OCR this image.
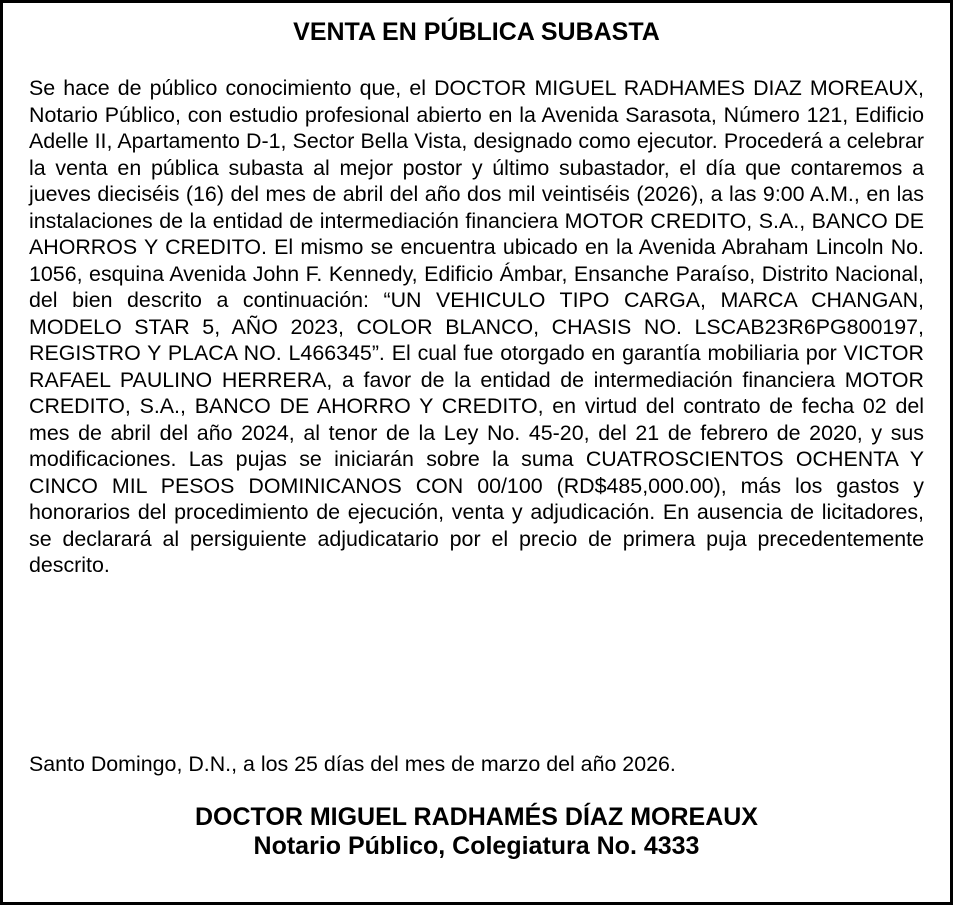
VENTA EN PÚBLICA SUBASTA

Se hace de público conocimiento que, el DOCTOR MIGUEL RADHAMES DIAZ MOREAUX, Notario Público, con estudio profesional abierto en la Avenida Sarasota, Número 121, Edificio Adelle II, Apartamento D-1, Sector Bella Vista, designado como ejecutor. Procederá a celebrar la venta en pública subasta al mejor postor y último subastador, el día que contaremos a jueves dieciséis (16) del mes de abril del año dos mil veintiséis (2026), a las 9:00 A.M., en las instalaciones de la entidad de intermediación financiera MOTOR CREDITO, S.A., BANCO DE AHORROS Y CREDITO. El mismo se encuentra ubicado en la Avenida Abraham Lincoln No. 1056, esquina Avenida John F. Kennedy, Edificio Ámbar, Ensanche Paraíso, Distrito Nacional, del bien descrito a continuación: “UN VEHICULO TIPO CARGA, MARCA CHANGAN, MODELO STAR 5, AÑO 2023, COLOR BLANCO, CHASIS NO. LSCAB23R6PG800197, REGISTRO Y PLACA NO. L466345”. El cual fue otorgado en garantía mobiliaria por VICTOR RAFAEL PAULINO HERRERA, a favor de la entidad de intermediación financiera MOTOR CREDITO, S.A., BANCO DE AHORRO Y CREDITO, en virtud del contrato de fecha 02 del mes de abril del año 2024, al tenor de la Ley No. 45-20, del 21 de febrero de 2020, y sus modificaciones. Las pujas se iniciarán sobre la suma CUATROSCIENTOS OCHENTA Y CINCO MIL PESOS DOMINICANOS CON 00/100 (RD$485,000.00), más los gastos y honorarios del procedimiento de ejecución, venta y adjudicación. En ausencia de licitadores, se declarará al persiguiente adjudicatario por el precio de primera puja precedentemente descrito.

Santo Domingo, D.N., a los 25 días del mes de marzo del año 2026.

DOCTOR MIGUEL RADHAMÉS DÍAZ MOREAUX
Notario Público, Colegiatura No. 4333
